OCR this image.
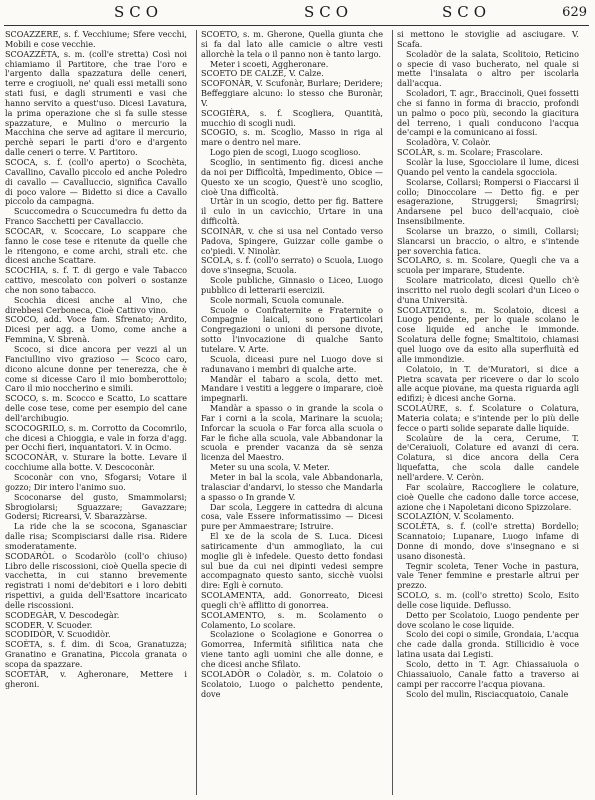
SCO	SCO	SCO	629

SCOAZZÈRE, s. f. Vecchiume; Sfere vecchi, Mobili e cose vecchie.

SCOAZZÈTA, s. m. (coll'e stretta) Così noi chiamiamo il Partitore, che trae l'oro e l'argento dalla spazzatura delle ceneri, terre e crogiuoli, ne' quali essi metalli sono stati fusi, e dagli strumenti e vasi che hanno servito a quest'uso. Dicesi Lavatura, la prima operazione che si fa sulle stesse spazzature, e Mulino o mercurio la Macchina che serve ad agitare il mercurio, perchè separi le parti d'oro e d'argento dalle ceneri o terre. V. Partitoro.

SCOCA, s. f. (coll'o aperto) o Scochèta, Cavallino, Cavallo piccolo ed anche Poledro di cavallo — Cavalluccio, significa Cavallo di poco valore — Bidetto si dice a Cavallo piccolo da campagna.

Scuccomedra o Scuccumedra fu detto da Franco Sacchetti per Cavallaccio.

SCOCAR, v. Scoccare, Lo scappare che fanno le cose tese e ritenute da quelle che le ritengono, e come archi, strali etc. che dicesi anche Scattare.

SCOCHIA, s. f. T. di gergo e vale Tabacco cattivo, mescolato con polveri o sostanze che non sono tabacco.

Scochia dicesi anche al Vino, che direbbesi Cerboneca, Cioè Cattivo vino.

SCOCO, add. Voce fam. Sfrenato; Ardito, Dicesi per agg. a Uomo, come anche a Femmina, V. Sbrenà.

Scoco, si dice ancora per vezzi al un Fanciullino vivo grazioso — Scoco caro, dicono alcune donne per tenerezza, che è come si dicesse Caro il mio bomberottolo; Caro il mio noccherino e simili.

SCOCO, s. m. Scocco e Scatto, Lo scattare delle cose tese, come per esempio del cane dell'archibugio.

SCOCOGRILO, s. m. Corrotto da Cocomrilo, che dicesi a Chioggia, e vale in forza d'agg. per Occhi fieri, inquantatori. V. in Ocmo.

SCOCONÀR, v. Sturare la botte. Levare il cocchiume alla botte. V. Descoconàr.

Scoconàr con vno, Sfogarsi; Votare il gozzo; Dir intero l'animo suo.

Scoconarse del gusto, Smammolarsi; Sbrogiolarsi; Sguazzare; Gavazzare; Godersi; Ricrearsi, V. Sbarazzàrse.

La ride che la se scocona, Sganasciar dalle risa; Scompisciarsi dalle risa. Ridere smoderatamente.

SCODARÒL o Scodaròlo (coll'o chiuso) Libro delle riscossioni, cioè Quella specie di vacchetta, in cui stanno brevemente registrati i nomi de'debitori e i loro debiti rispettivi, a guida dell'Esattore incaricato delle riscossioni.

SCODEGÀR, V. Descodegàr.

SCODER. V. Scuoder.

SCODIDÒR, V. Scuodidòr.

SCOÈTA, s. f. dim. di Scoa, Granatuzza; Granatino e Granatina, Piccola granata o scopa da spazzare.

SCOETÀR, v. Agheronare, Mettere i gheroni.

SCOÈTO, s. m. Gherone, Quella giunta che si fa dal lato alle camicie o altre vesti allorchè la tela o il panno non è tanto largo.

Meter i scoeti, Aggheronare.

SCOETO DE CALZE, V. Calze.

SCOFONÀR, V. Scufonàr, Burlare; Deridere; Beffeggiare alcuno: lo stesso che Buronàr, V.

SCOGIÈRA, s. f. Scogliera, Quantità, mucchio di scogli nudi.

SCOGIO, s. m. Scoglio, Masso in riga al mare o dentro nel mare.

Logo pien de scogi, Luogo scoglioso.

Scoglio, in sentimento fig. dicesi anche da noi per Difficoltà, Impedimento, Obice — Questo xe un scogio, Quest'è uno scoglio, cioè Una difficoltà.

Urtàr in un scogio, detto per fig. Battere il culo in un cavicchio, Urtare in una difficoltà.

SCOINÀR, v. che si usa nel Contado verso Padova, Spingere, Guizzar colle gambe o co'piedi. V. Ninolàr.

SCOLA, s. f. (coll'o serrato) o Scuola, Luogo dove s'insegna, Scuola.

Scole publiche, Ginnasio o Liceo, Luogo pubblico di letterarii esercizii.

Scole normali, Scuola comunale.

Scuole o Confraternite e Fraternite o Compagnie laicali, sono particolari Congregazioni o unioni di persone divote, sotto l'invocazione di qualche Santo tutelare. V. Arte.

Scuola, diceasi pure nel Luogo dove si radunavano i membri di qualche arte.

Mandàr el tabaro a scola, detto met. Mandare i vestiti a leggere o imparare, cioè impegnarli.

Mandàr a spasso o in grande la scola o Far i corni a la scola, Marinare la scuola; Inforcar la scuola o Far forca alla scuola o Far le fiche alla scuola, vale Abbandonar la scuola e prender vacanza da sè senza licenza del Maestro.

Meter su una scola, V. Meter.

Meter in bal la scola, vale Abbandonarla, tralasciar d'andarvi, lo stesso che Mandarla a spasso o In grande V.

Dar scola, Leggere in cattedra di alcuna cosa, vale Essere informatissimo — Dicesi pure per Ammaestrare; Istruire.

El xe de la scola de S. Luca. Dicesi satiricamente d'un ammogliato, la cui moglie gli è infedele. Questo detto fondasi sul bue da cui nei dipinti vedesi sempre accompagnato questo santo, sicchè vuolsi dire: Egli è cornuto.

SCOLAMENTA, add. Gonorreato, Dicesi quegli ch'è afflitto di gonorrea.

SCOLAMENTO, s. m. Scolamento o Colamento, Lo scolare.

Scolazione o Scolagione e Gonorrea o Gomorrea, Infermità sifilitica nata che viene tanto agli uomini che alle donne, e che dicesi anche Sfilato.

SCOLADÒR o Coladòr, s. m. Colatoio o Scolatoio, Luogo o palchetto pendente, dove

si mettono le stoviglie ad asciugare. V. Scafa.

Scoladòr de la salata, Scolitoio, Reticino o specie di vaso bucherato, nel quale si mette l'insalata o altro per iscolarla dall'acqua.

Scoladori, T. agr., Braccinoli, Quei fossetti che si fanno in forma di braccio, profondi un palmo o poco più, secondo la giacitura del terreno, i quali conducono l'acqua de'campi e la comunicano ai fossi.

Scoladòra, V. Colaòr.

SCOLÀR, s. m. Scolare; Frascolare.

Scolàr la luse, Sgocciolare il lume, dicesi Quando pel vento la candela sgocciola.

Scolarse, Collarsi; Rompersi o Fiaccarsi il collo; Dinoccolare — Detto fig. e per esagerazione, Struggersi; Smagrirsi; Andarsene pel buco dell'acquaio, cioè Insensibilmente.

Scolarse un brazzo, o simili, Collarsi; Slancarsi un braccio, o altro, e s'intende per soverchia fatica.

SCOLARO, s. m. Scolare, Quegli che va a scuola per imparare, Studente.

Scolare matricolato, dicesi Quello ch'è inscritto nel ruolo degli scolari d'un Liceo o d'una Università.

SCOLATIZIO, s. m. Scolatoio, dicesi a Luogo pendente, per lo quale scolano le cose liquide ed anche le immonde. Scolatura delle fogne; Smaltitoio, chiamasi quel luogo ove da esito alla superfluità ed alle immondizie.

Colatoio, in T. de'Muratori, si dice a Pietra scavata per ricevere o dar lo scolo alle acque piovane, ma questa riguarda agli edifizi; è dicesi anche Gorna.

SCOLAÙRE, s. f. Scolature o Colatura, Materia colata; e s'intende per lo più delle fecce o parti solide separate dalle liquide.

Scolaùre de la cera, Cerume, T. de'Ceraiuoli, Colature ed avanzi di cera. Colatura, si dice ancora della Cera liquefatta, che scola dalle candele nell'ardere. V. Ceròn.

Far scolaùre, Raccogliere le colature, cioè Quelle che cadono dalle torce accese, azione che i Napoletani dicono Spizzolare.

SCOLAZIÒN, V. Scolamento.

SCOLÈTA, s. f. (coll'e stretta) Bordello; Scannatoio; Lupanare, Luogo infame di Donne di mondo, dove s'insegnano e si usano disonestà.

Tegnir scoleta, Tener Voche in pastura, vale Tener femmine e prestarle altrui per prezzo.

SCOLO, s. m. (coll'o stretto) Scolo, Esito delle cose liquide. Deflusso.

Detto per Scolatoio, Luogo pendente per dove scolano le cose liquide.

Scolo dei copi o simile, Grondaia, L'acqua che cade dalla gronda. Stillicidio è voce latina usata dai Legisti.

Scolo, detto in T. Agr. Chiassaiuola o Chiassaiuolo, Canale fatto a traverso ai campi per raccorre l'acqua piovana.

Scolo del mulìn, Risciacquatoio, Canale
